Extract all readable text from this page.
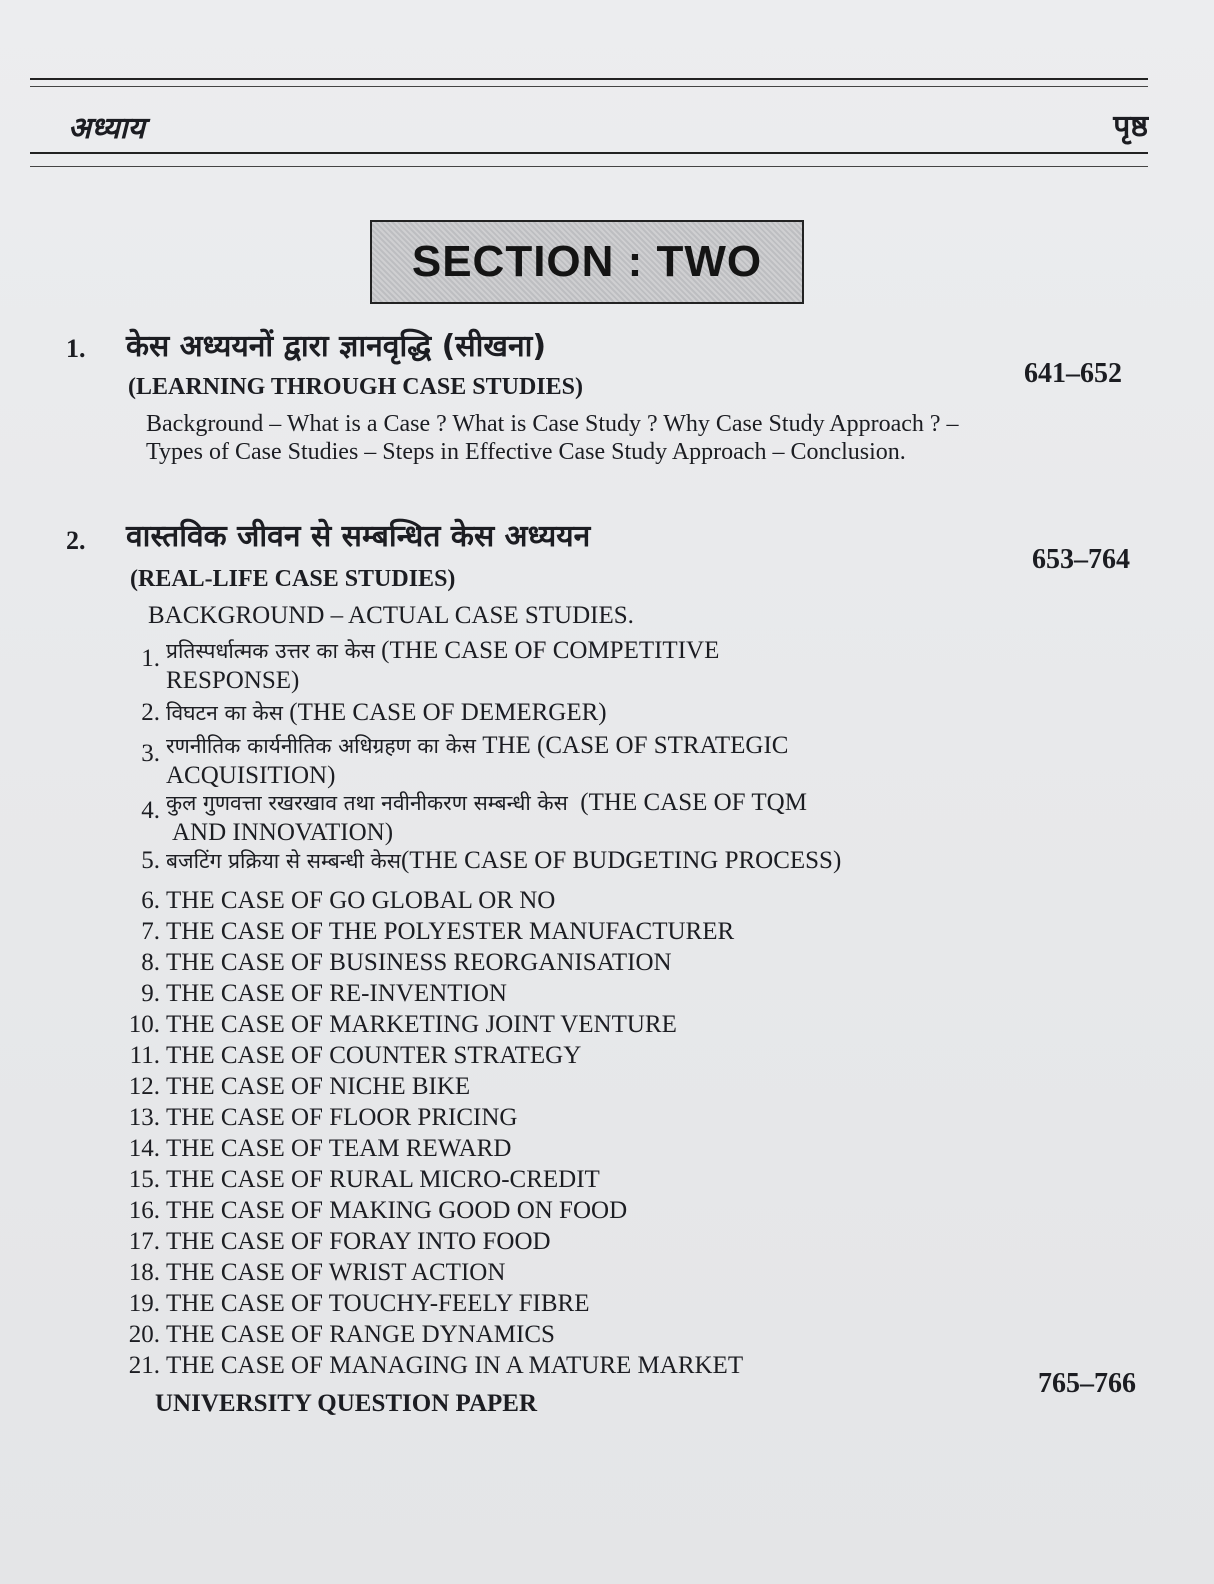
अध्याय	पृष्ठ
SECTION : TWO
1. केस अध्ययनों द्वारा ज्ञानवृद्धि (सीखना)
(LEARNING THROUGH CASE STUDIES)	641–652
Background – What is a Case ? What is Case Study ? Why Case Study Approach ? – Types of Case Studies – Steps in Effective Case Study Approach – Conclusion.
2. वास्तविक जीवन से सम्बन्धित केस अध्ययन
(REAL-LIFE CASE STUDIES)
653–764
BACKGROUND – ACTUAL CASE STUDIES.
1. प्रतिस्पर्धात्मक उत्तर का केस (THE CASE OF COMPETITIVE
RESPONSE)
2. विघटन का केस (THE CASE OF DEMERGER)
3. रणनीतिक कार्यनीतिक अधिग्रहण का केस THE (CASE OF STRATEGIC
ACQUISITION)
4. कुल गुणवत्ता रखरखाव तथा नवीनीकरण सम्बन्धी केस  (THE CASE OF TQM
AND INNOVATION)
5. बजटिंग प्रक्रिया से सम्बन्धी केस(THE CASE OF BUDGETING PROCESS)
6. THE CASE OF GO GLOBAL OR NO
7. THE CASE OF THE POLYESTER MANUFACTURER
8. THE CASE OF BUSINESS REORGANISATION
9. THE CASE OF RE-INVENTION
10. THE CASE OF MARKETING JOINT VENTURE
11. THE CASE OF COUNTER STRATEGY
12. THE CASE OF NICHE BIKE
13. THE CASE OF FLOOR PRICING
14. THE CASE OF TEAM REWARD
15. THE CASE OF RURAL MICRO-CREDIT
16. THE CASE OF MAKING GOOD ON FOOD
17. THE CASE OF FORAY INTO FOOD
18. THE CASE OF WRIST ACTION
19. THE CASE OF TOUCHY-FEELY FIBRE
20. THE CASE OF RANGE DYNAMICS
21. THE CASE OF MANAGING IN A MATURE MARKET
765–766
UNIVERSITY QUESTION PAPER
